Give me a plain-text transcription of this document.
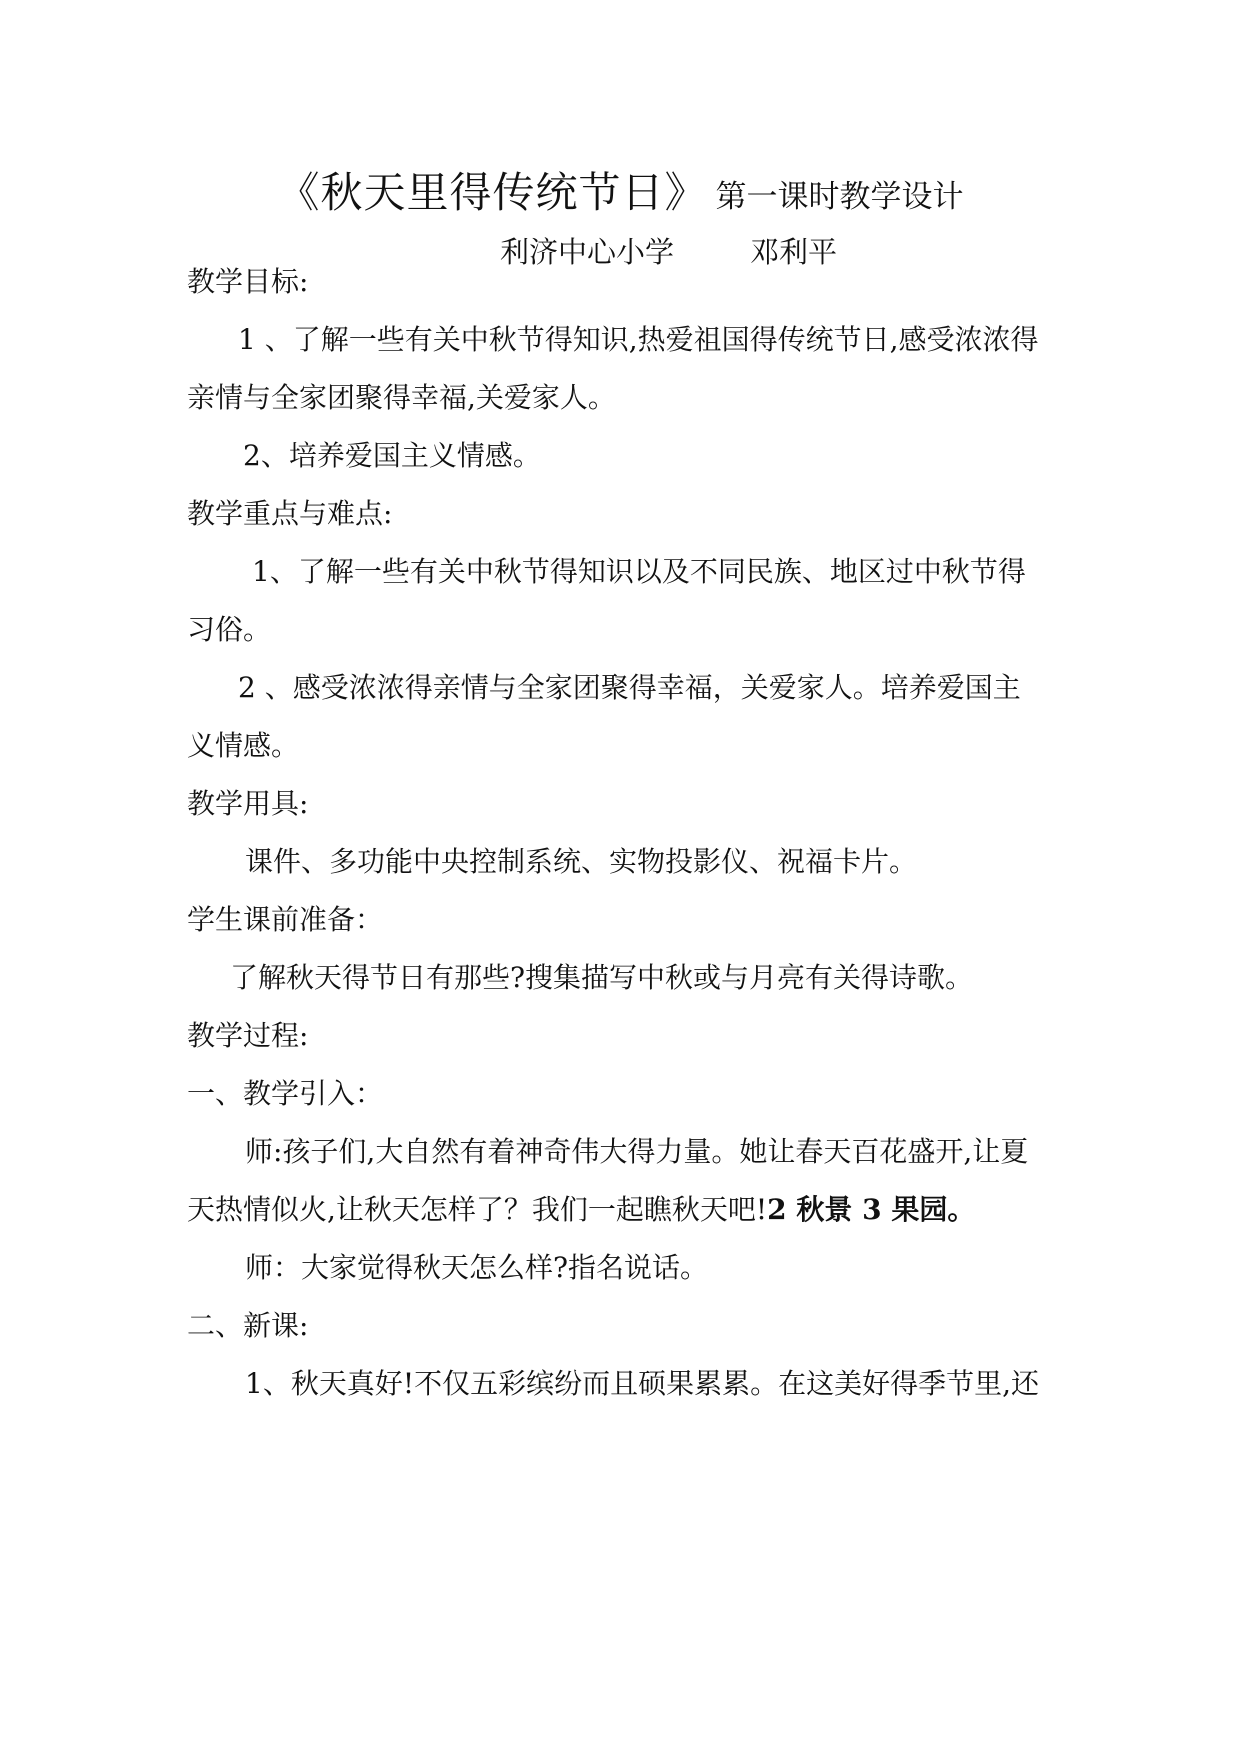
《秋天里得传统节日》 第一课时教学设计
利济中心小学	邓利平
教学目标:
1 、了解一些有关中秋节得知识,热爱祖国得传统节日,感受浓浓得
亲情与全家团聚得幸福,关爱家人。
2、培养爱国主义情感。
教学重点与难点:
1、了解一些有关中秋节得知识以及不同民族、地区过中秋节得
习俗。
2 、感受浓浓得亲情与全家团聚得幸福，关爱家人。培养爱国主
义情感。
教学用具:
课件、多功能中央控制系统、实物投影仪、祝福卡片。
学生课前准备：
了解秋天得节日有那些?搜集描写中秋或与月亮有关得诗歌。
教学过程:
一、教学引入：
师:孩子们,大自然有着神奇伟大得力量。她让春天百花盛开,让夏
天热情似火,让秋天怎样了？我们一起瞧秋天吧!2 秋景 3 果园。
师：大家觉得秋天怎么样?指名说话。
二、新课:
1、秋天真好!不仅五彩缤纷而且硕果累累。在这美好得季节里,还
